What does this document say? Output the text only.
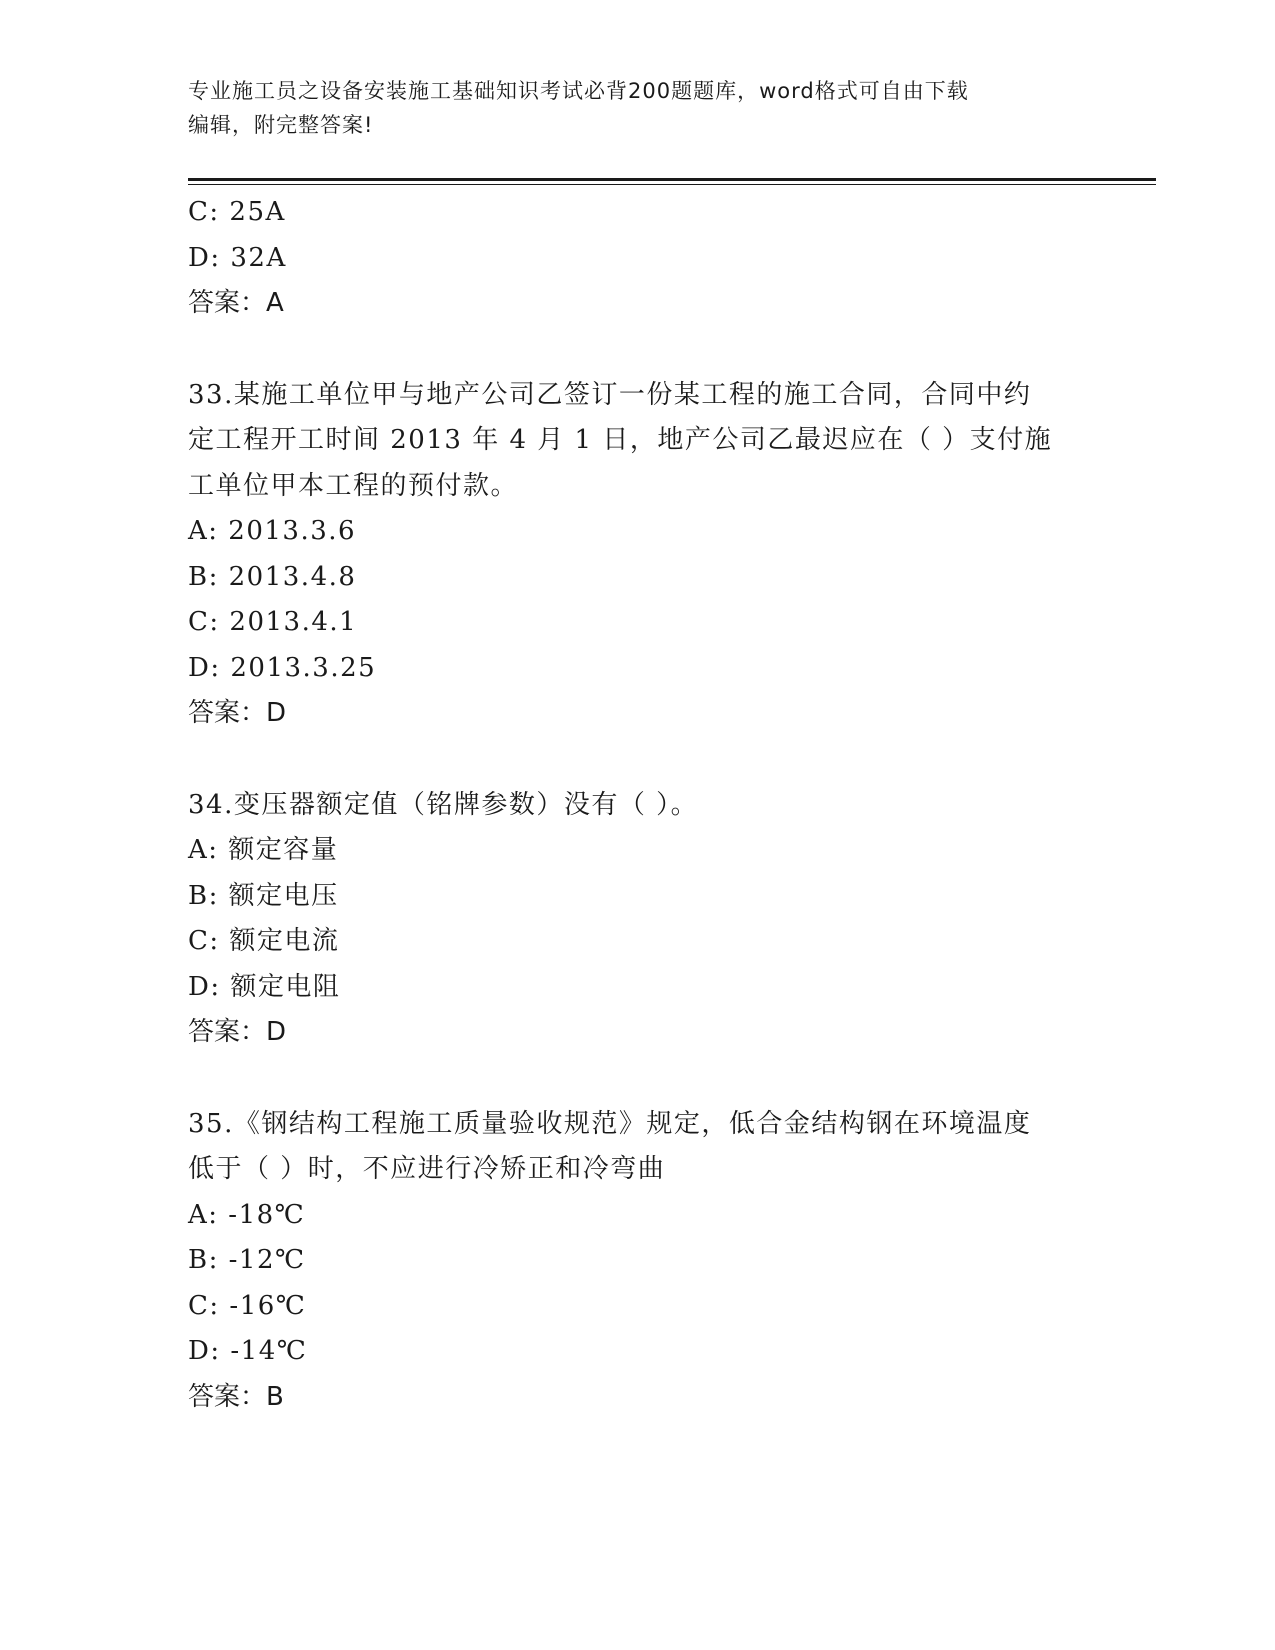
专业施工员之设备安装施工基础知识考试必背200题题库，word格式可自由下载
编辑，附完整答案!
C: 25A
D: 32A
答案：A
33.某施工单位甲与地产公司乙签订一份某工程的施工合同，合同中约
定工程开工时间 2013 年 4 月 1 日，地产公司乙最迟应在（ ）支付施
工单位甲本工程的预付款。
A: 2013.3.6
B: 2013.4.8
C: 2013.4.1
D: 2013.3.25
答案：D
34.变压器额定值（铭牌参数）没有（ ）。
A: 额定容量
B: 额定电压
C: 额定电流
D: 额定电阻
答案：D
35.《钢结构工程施工质量验收规范》规定，低合金结构钢在环境温度
低于（ ）时，不应进行冷矫正和冷弯曲
A: -18℃
B: -12℃
C: -16℃
D: -14℃
答案：B
